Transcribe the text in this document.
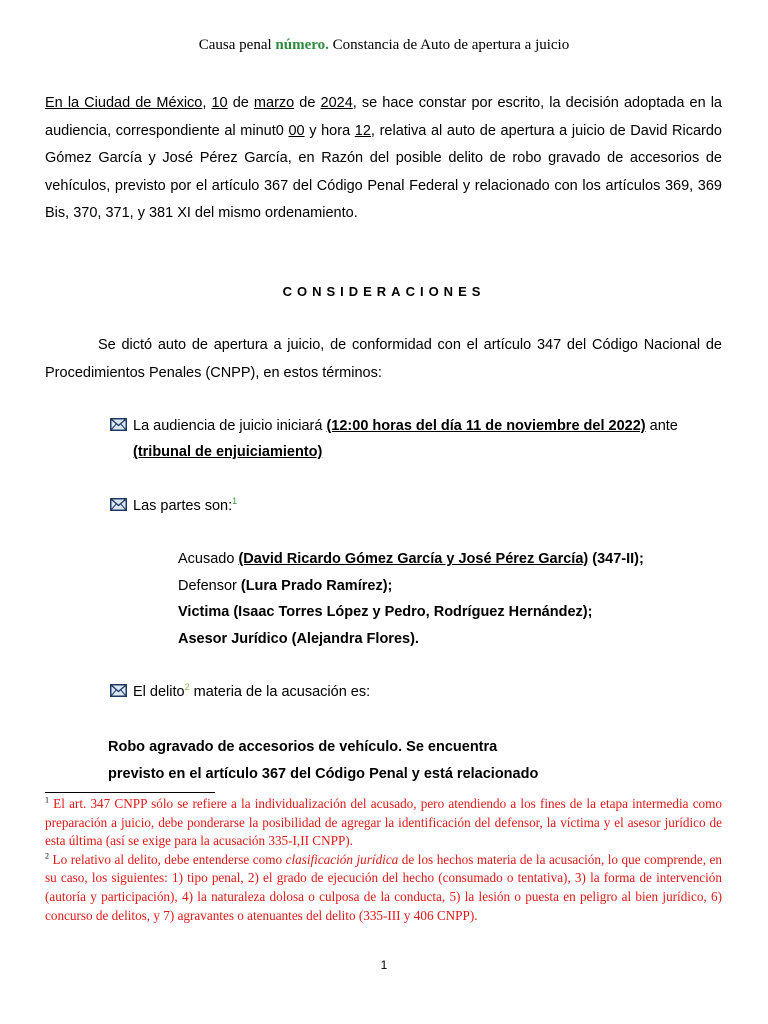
Causa penal número. Constancia de Auto de apertura a juicio
En la Ciudad de México, 10 de marzo de 2024, se hace constar por escrito, la decisión adoptada en la audiencia, correspondiente al minut0 00 y hora 12, relativa al auto de apertura a juicio de David Ricardo Gómez García y José Pérez García, en Razón del posible delito de robo gravado de accesorios de vehículos, previsto por el artículo 367 del Código Penal Federal y relacionado con los artículos 369, 369 Bis, 370, 371, y 381 XI del mismo ordenamiento.
CONSIDERACIONES
Se dictó auto de apertura a juicio, de conformidad con el artículo 347 del Código Nacional de Procedimientos Penales (CNPP), en estos términos:
La audiencia de juicio iniciará (12:00 horas del día 11 de noviembre del 2022) ante
(tribunal de enjuiciamiento)
Las partes son:$^1$
Acusado (David Ricardo Gómez García y José Pérez García) (347-II);
Defensor (Lura Prado Ramírez);
Victima (Isaac Torres López y Pedro, Rodríguez Hernández);
Asesor Jurídico (Alejandra Flores).
El delito$^2$ materia de la acusación es:
Robo agravado de accesorios de vehículo. Se encuentra
previsto en el artículo 367 del Código Penal y está relacionado
$^1$ El art. 347 CNPP sólo se refiere a la individualización del acusado, pero atendiendo a los fines de la etapa intermedia como preparación a juicio, debe ponderarse la posibilidad de agregar la identificación del defensor, la víctima y el asesor jurídico de esta última (así se exige para la acusación 335-I,II CNPP).
$^2$ Lo relativo al delito, debe entenderse como clasificación jurídica de los hechos materia de la acusación, lo que comprende, en su caso, los siguientes: 1) tipo penal, 2) el grado de ejecución del hecho (consumado o tentativa), 3) la forma de intervención (autoría y participación), 4) la naturaleza dolosa o culposa de la conducta, 5) la lesión o puesta en peligro al bien jurídico, 6) concurso de delitos, y 7) agravantes o atenuantes del delito (335-III y 406 CNPP).
1
